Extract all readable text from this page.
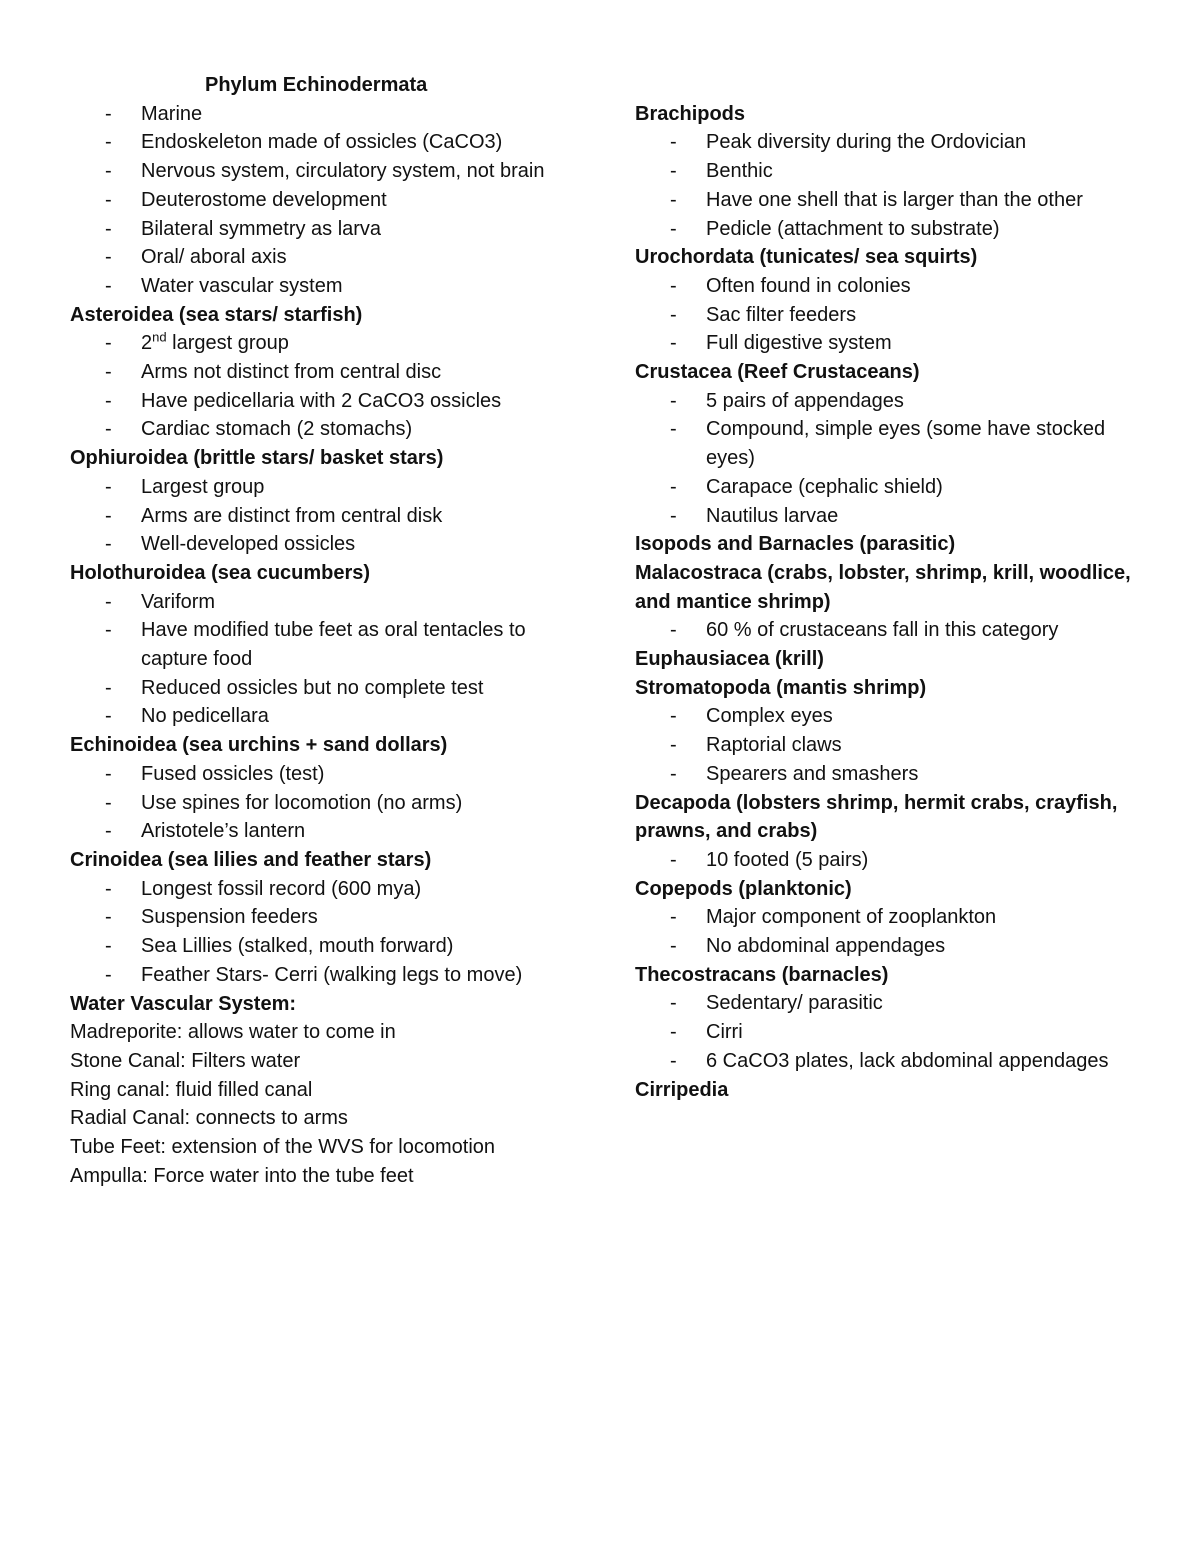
Phylum Echinodermata
- Marine
- Endoskeleton made of ossicles (CaCO3)
- Nervous system, circulatory system, not brain
- Deuterostome development
- Bilateral symmetry as larva
- Oral/ aboral axis
- Water vascular system
Asteroidea (sea stars/ starfish)
- 2nd largest group
- Arms not distinct from central disc
- Have pedicellaria with 2 CaCO3 ossicles
- Cardiac stomach (2 stomachs)
Ophiuroidea (brittle stars/ basket stars)
- Largest group
- Arms are distinct from central disk
- Well-developed ossicles
Holothuroidea (sea cucumbers)
- Variform
- Have modified tube feet as oral tentacles to capture food
- Reduced ossicles but no complete test
- No pedicellara
Echinoidea (sea urchins + sand dollars)
- Fused ossicles (test)
- Use spines for locomotion (no arms)
- Aristotele’s lantern
Crinoidea (sea lilies and feather stars)
- Longest fossil record (600 mya)
- Suspension feeders
- Sea Lillies (stalked, mouth forward)
- Feather Stars- Cerri (walking legs to move)
Water Vascular System:
Madreporite: allows water to come in
Stone Canal: Filters water
Ring canal: fluid filled canal
Radial Canal: connects to arms
Tube Feet: extension of the WVS for locomotion
Ampulla: Force water into the tube feet
Brachipods
- Peak diversity during the Ordovician
- Benthic
- Have one shell that is larger than the other
- Pedicle (attachment to substrate)
Urochordata (tunicates/ sea squirts)
- Often found in colonies
- Sac filter feeders
- Full digestive system
Crustacea (Reef Crustaceans)
- 5 pairs of appendages
- Compound, simple eyes (some have stocked eyes)
- Carapace (cephalic shield)
- Nautilus larvae
Isopods and Barnacles (parasitic)
Malacostraca (crabs, lobster, shrimp, krill, woodlice, and mantice shrimp)
- 60 % of crustaceans fall in this category
Euphausiacea (krill)
Stromatopoda (mantis shrimp)
- Complex eyes
- Raptorial claws
- Spearers and smashers
Decapoda (lobsters shrimp, hermit crabs, crayfish, prawns, and crabs)
- 10 footed (5 pairs)
Copepods (planktonic)
- Major component of zooplankton
- No abdominal appendages
Thecostracans (barnacles)
- Sedentary/ parasitic
- Cirri
- 6 CaCO3 plates, lack abdominal appendages
Cirripedia
